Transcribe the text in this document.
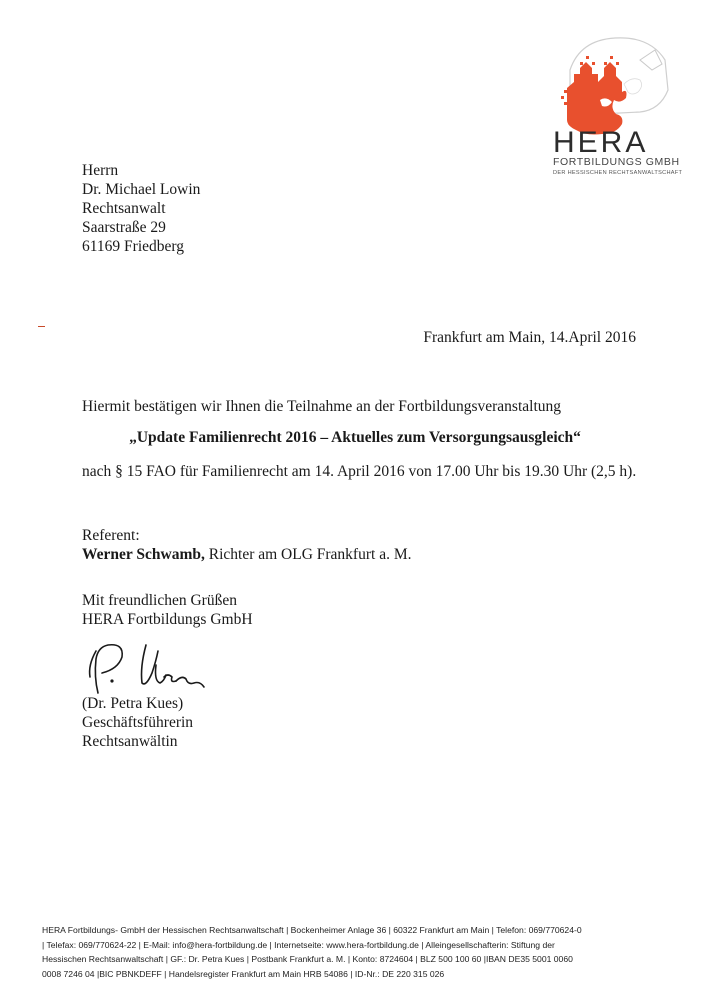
HERA
FORTBILDUNGS GMBH
DER HESSISCHEN RECHTSANWALTSCHAFT
Herrn
Dr. Michael Lowin
Rechtsanwalt
Saarstraße 29
61169 Friedberg
Frankfurt am Main, 14.April 2016
Hiermit bestätigen wir Ihnen die Teilnahme an der Fortbildungsveranstaltung
„Update Familienrecht 2016 – Aktuelles zum Versorgungsausgleich“
nach § 15 FAO für Familienrecht am 14. April 2016 von 17.00 Uhr bis 19.30 Uhr (2,5 h).
Referent:
Werner Schwamb, Richter am OLG Frankfurt a. M.
Mit freundlichen Grüßen
HERA Fortbildungs GmbH
(Dr. Petra Kues)
Geschäftsführerin
Rechtsanwältin
HERA Fortbildungs- GmbH der Hessischen Rechtsanwaltschaft | Bockenheimer Anlage 36 | 60322 Frankfurt am Main | Telefon: 069/770624-0
| Telefax: 069/770624-22 | E-Mail: info@hera-fortbildung.de | Internetseite: www.hera-fortbildung.de | Alleingesellschafterin: Stiftung der
Hessischen Rechtsanwaltschaft | GF.: Dr. Petra Kues | Postbank Frankfurt a. M. | Konto: 8724604 | BLZ 500 100 60 |IBAN DE35 5001 0060
0008 7246 04 |BIC PBNKDEFF | Handelsregister Frankfurt am Main HRB 54086 | ID-Nr.: DE 220 315 026
